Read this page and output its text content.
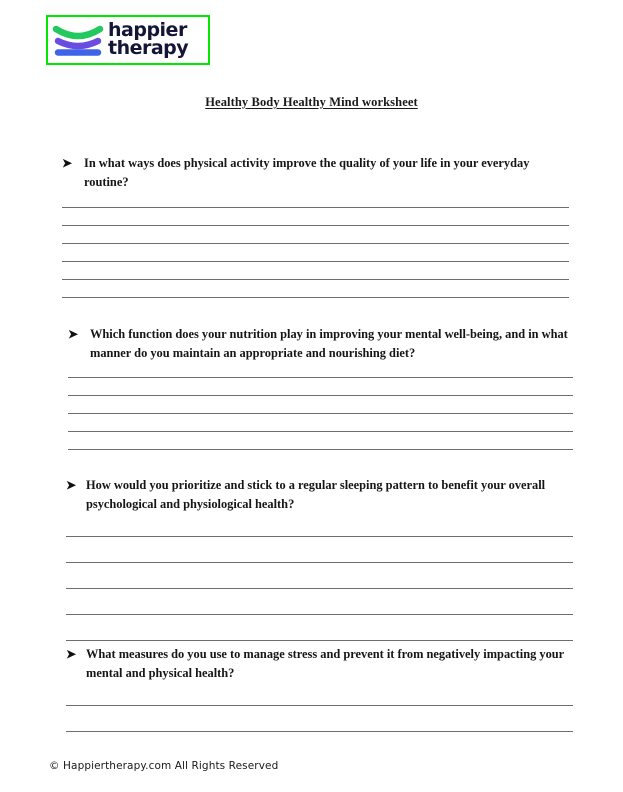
happier
therapy
Healthy Body Healthy Mind worksheet
➤ In what ways does physical activity improve the quality of your life in your everyday routine?
➤ Which function does your nutrition play in improving your mental well-being, and in what manner do you maintain an appropriate and nourishing diet?
➤ How would you prioritize and stick to a regular sleeping pattern to benefit your overall psychological and physiological health?
➤ What measures do you use to manage stress and prevent it from negatively impacting your mental and physical health?
© Happiertherapy.com All Rights Reserved
